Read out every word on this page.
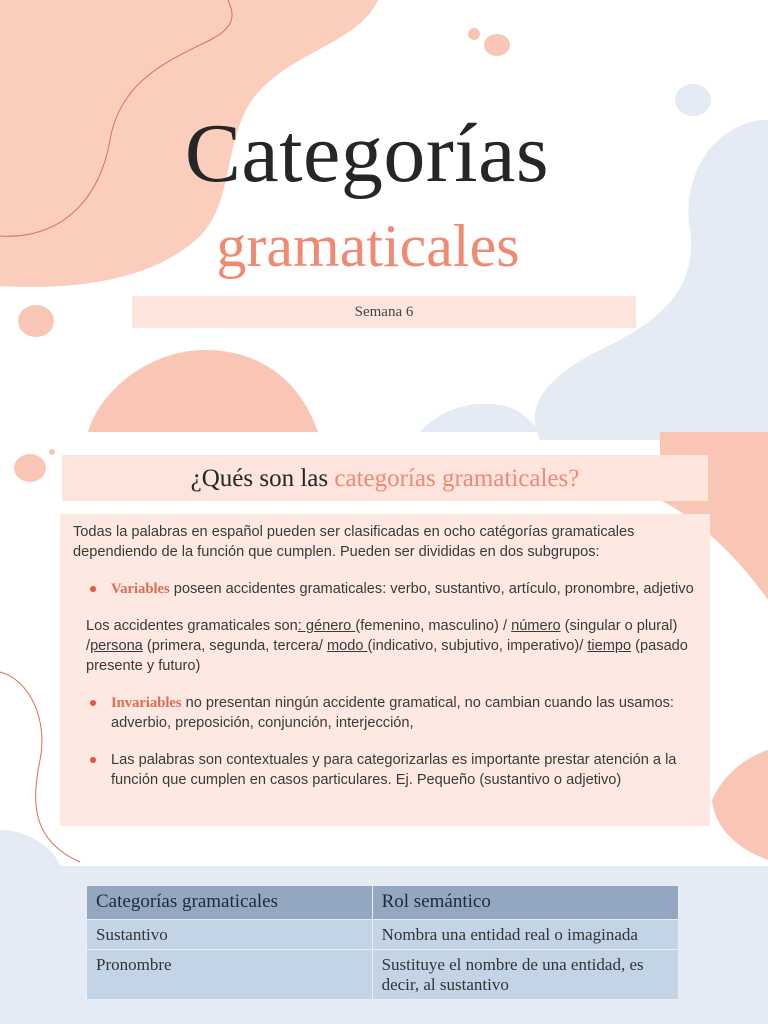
Categorías
gramaticales
Semana 6
¿Qués son las categorías gramaticales?

Todas la palabras en español pueden ser clasificadas en ocho catégorías gramaticales dependiendo de la función que cumplen. Pueden ser divididas en dos subgrupos:

Variables poseen accidentes gramaticales: verbo, sustantivo, artículo, pronombre, adjetivo

Los accidentes gramaticales son: género (femenino, masculino) / número (singular o plural) /persona (primera, segunda, tercera/ modo (indicativo, subjutivo, imperativo)/ tiempo (pasado presente y futuro)

Invariables no presentan ningún accidente gramatical, no cambian cuando las usamos: adverbio, preposición, conjunción, interjección,
Las palabras son contextuales y para categorizarlas es importante prestar atención a la función que cumplen en casos particulares. Ej. Pequeño (sustantivo o adjetivo)
Categorías gramaticales	Rol semántico
Sustantivo	Nombra una entidad real o imaginada
Pronombre	Sustituye el nombre de una entidad, es decir, al sustantivo
